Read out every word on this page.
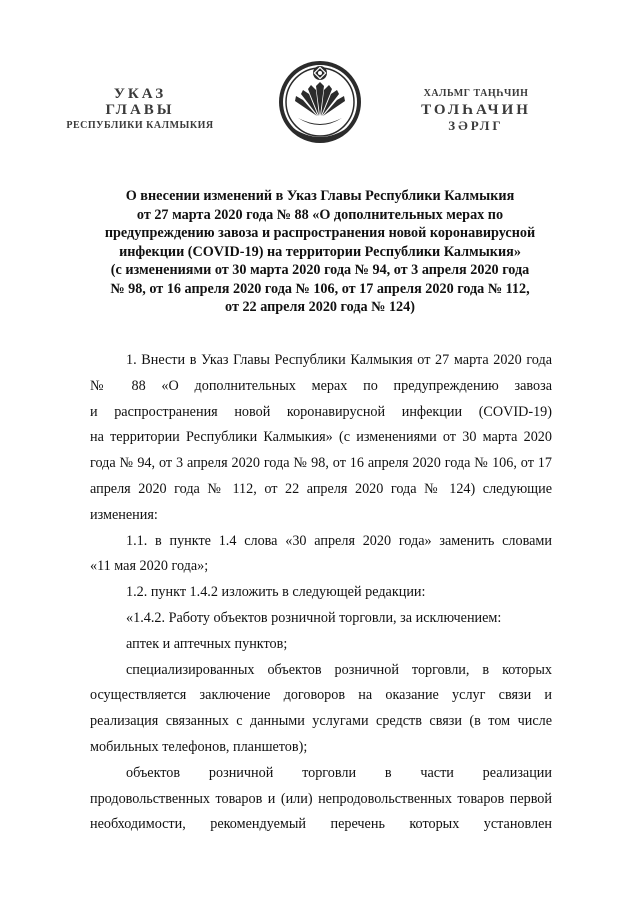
УКАЗ
ГЛАВЫ
РЕСПУБЛИКИ КАЛМЫКИЯ
ХАЛЬМГ ТАҢҺЧИН
ТОЛҺАЧИН
ЗӘРЛГ
О внесении изменений в Указ Главы Республики Калмыкия
от 27 марта 2020 года № 88 «О дополнительных мерах по
предупреждению завоза и распространения новой коронавирусной
инфекции (COVID-19) на территории Республики Калмыкия»
(с изменениями от 30 марта 2020 года № 94, от 3 апреля 2020 года
№ 98, от 16 апреля 2020 года № 106, от 17 апреля 2020 года № 112,
от 22 апреля 2020 года № 124)
1. Внести в Указ Главы Республики Калмыкия от 27 марта 2020 года
№ 88 «О дополнительных мерах по предупреждению завоза
и распространения новой коронавирусной инфекции (COVID-19)
на территории Республики Калмыкия» (с изменениями от 30 марта 2020
года № 94, от 3 апреля 2020 года № 98, от 16 апреля 2020 года № 106, от 17
апреля 2020 года № 112, от 22 апреля 2020 года № 124) следующие
изменения:
1.1. в пункте 1.4 слова «30 апреля 2020 года» заменить словами
«11 мая 2020 года»;
1.2. пункт 1.4.2 изложить в следующей редакции:
«1.4.2. Работу объектов розничной торговли, за исключением:
аптек и аптечных пунктов;
специализированных объектов розничной торговли, в которых
осуществляется заключение договоров на оказание услуг связи и
реализация связанных с данными услугами средств связи (в том числе
мобильных телефонов, планшетов);
объектов розничной торговли в части реализации
продовольственных товаров и (или) непродовольственных товаров первой
необходимости, рекомендуемый перечень которых установлен
